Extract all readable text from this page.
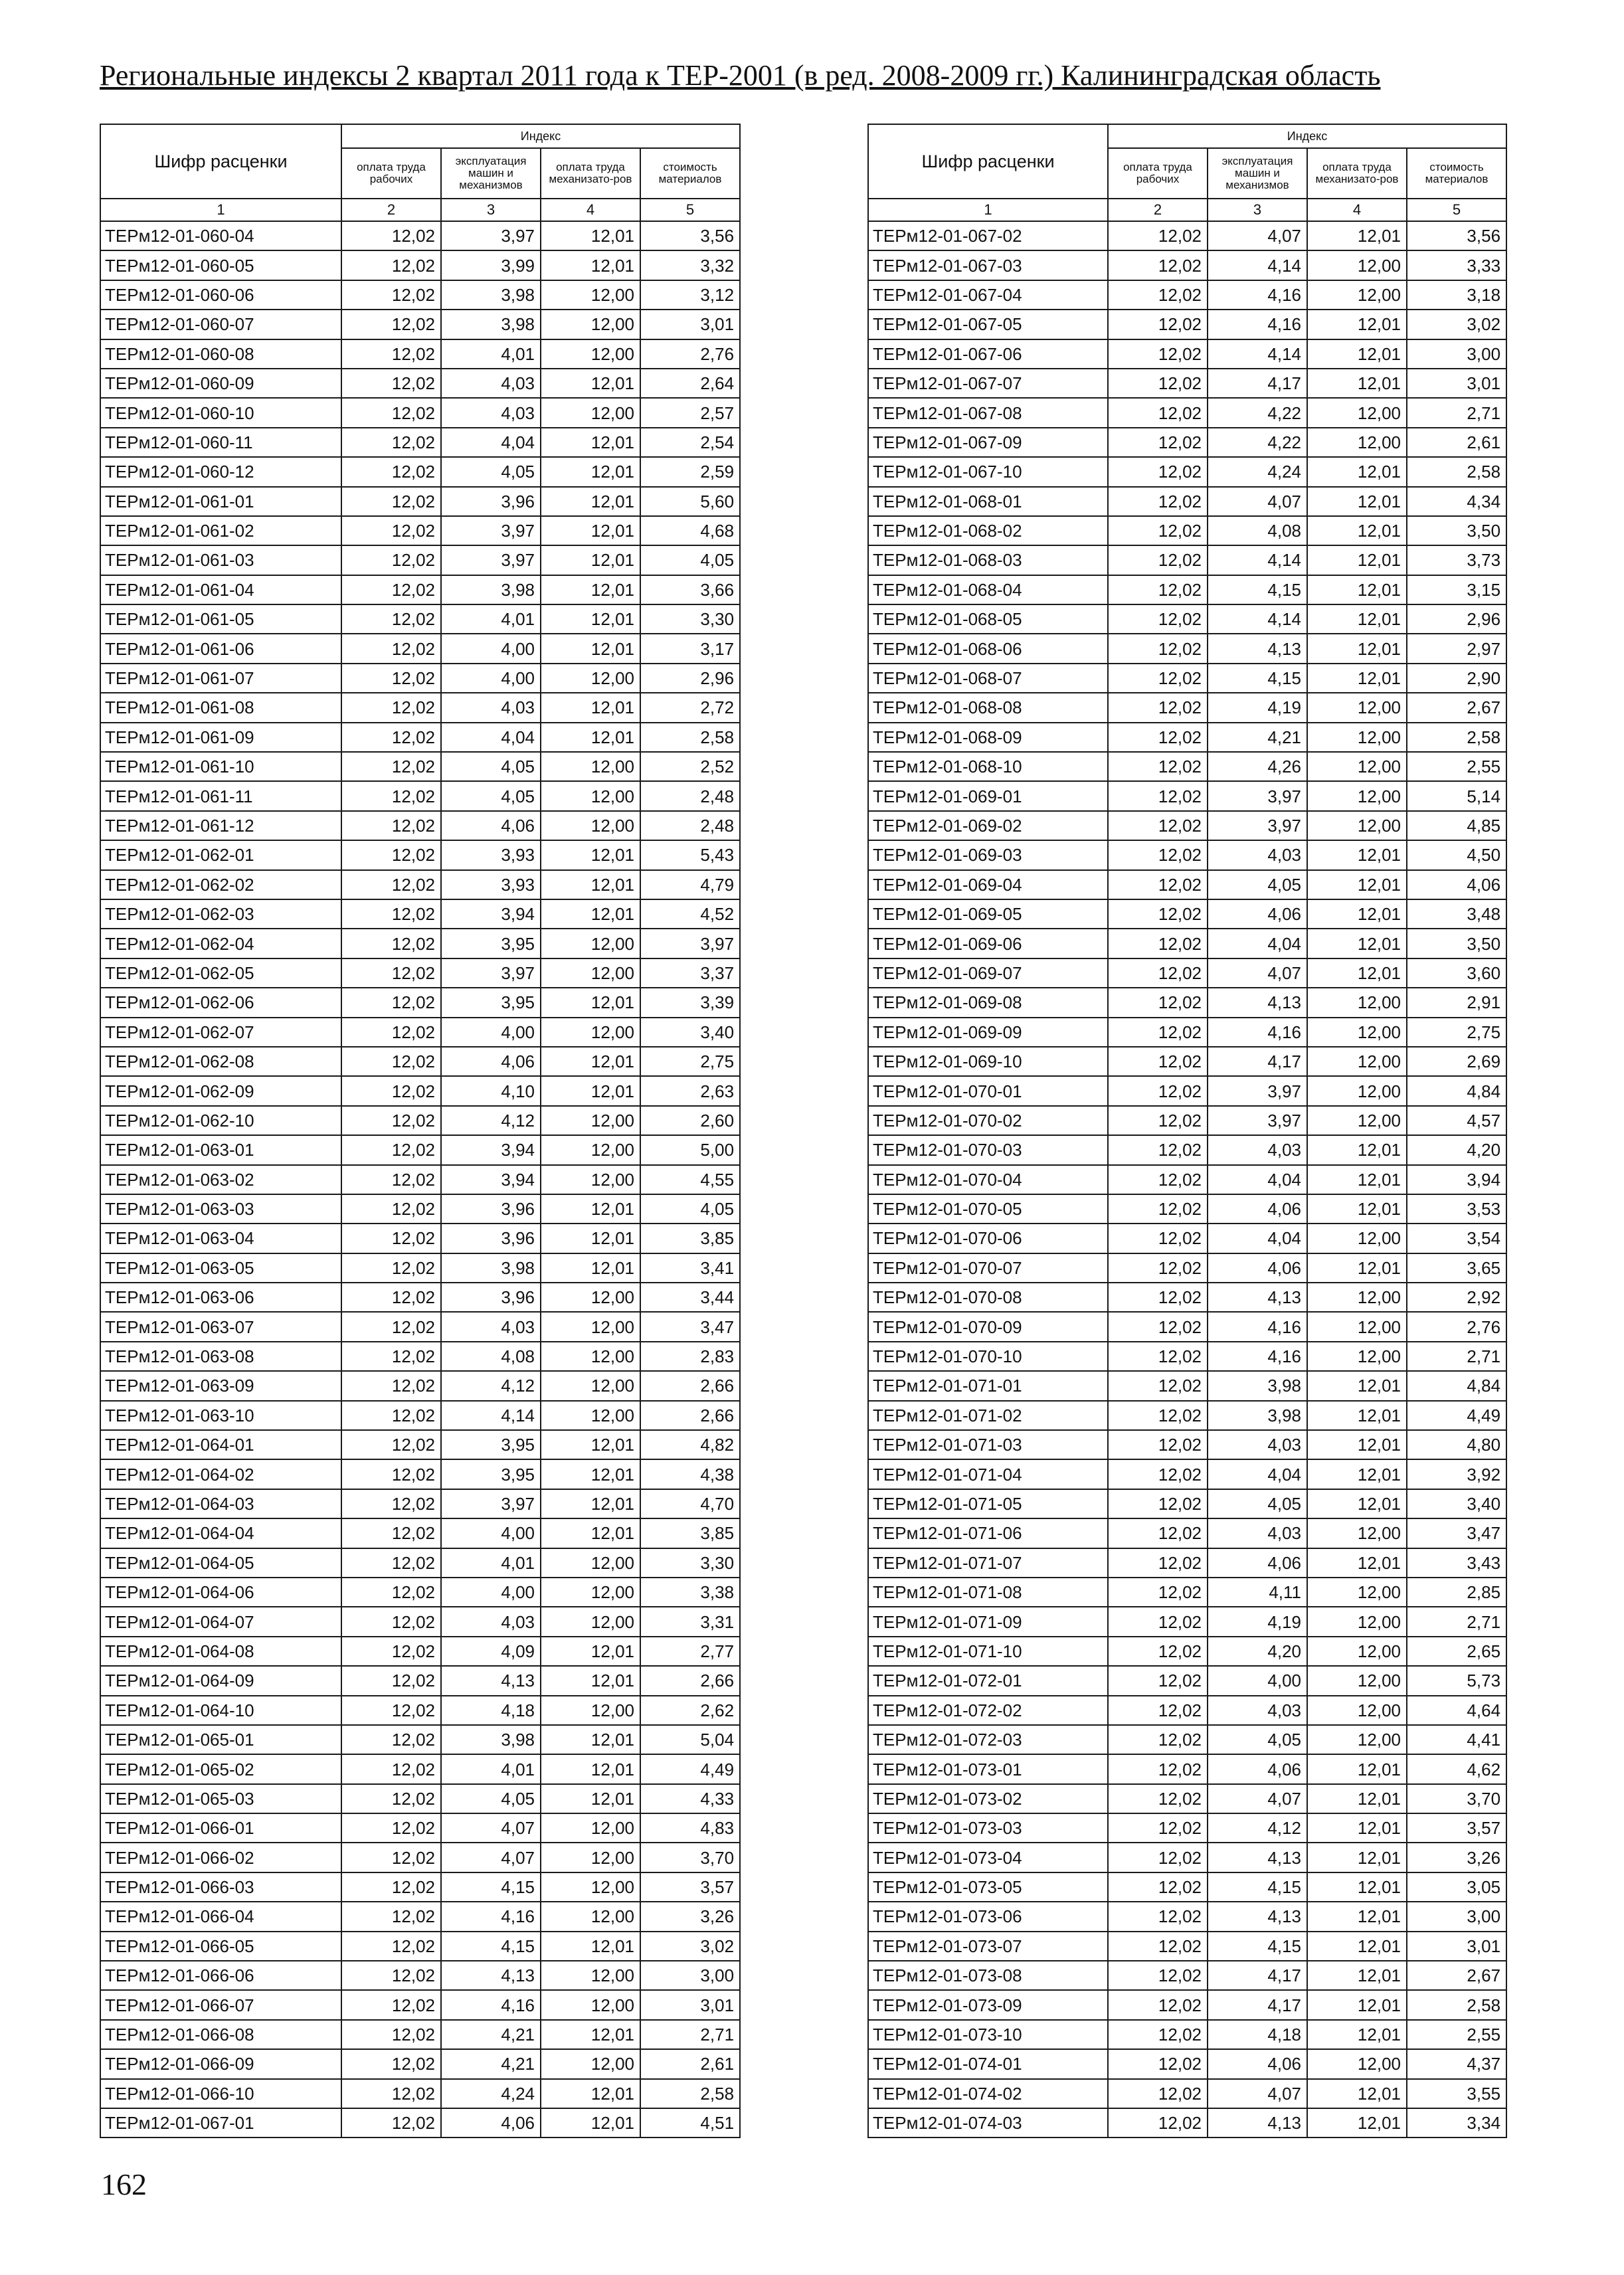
Региональные индексы 2 квартал 2011 года к ТЕР-2001 (в ред. 2008-2009 гг.) Калининградская область
Шифр расценки	Индекс			
	оплата труда рабочих	эксплуатация машин и механизмов	оплата труда механизато-ров	стоимость материалов
1	2	3	4	5
ТЕРм12-01-060-04	12,02	3,97	12,01	3,56
ТЕРм12-01-060-05	12,02	3,99	12,01	3,32
ТЕРм12-01-060-06	12,02	3,98	12,00	3,12
ТЕРм12-01-060-07	12,02	3,98	12,00	3,01
ТЕРм12-01-060-08	12,02	4,01	12,00	2,76
ТЕРм12-01-060-09	12,02	4,03	12,01	2,64
ТЕРм12-01-060-10	12,02	4,03	12,00	2,57
ТЕРм12-01-060-11	12,02	4,04	12,01	2,54
ТЕРм12-01-060-12	12,02	4,05	12,01	2,59
ТЕРм12-01-061-01	12,02	3,96	12,01	5,60
ТЕРм12-01-061-02	12,02	3,97	12,01	4,68
ТЕРм12-01-061-03	12,02	3,97	12,01	4,05
ТЕРм12-01-061-04	12,02	3,98	12,01	3,66
ТЕРм12-01-061-05	12,02	4,01	12,01	3,30
ТЕРм12-01-061-06	12,02	4,00	12,01	3,17
ТЕРм12-01-061-07	12,02	4,00	12,00	2,96
ТЕРм12-01-061-08	12,02	4,03	12,01	2,72
ТЕРм12-01-061-09	12,02	4,04	12,01	2,58
ТЕРм12-01-061-10	12,02	4,05	12,00	2,52
ТЕРм12-01-061-11	12,02	4,05	12,00	2,48
ТЕРм12-01-061-12	12,02	4,06	12,00	2,48
ТЕРм12-01-062-01	12,02	3,93	12,01	5,43
ТЕРм12-01-062-02	12,02	3,93	12,01	4,79
ТЕРм12-01-062-03	12,02	3,94	12,01	4,52
ТЕРм12-01-062-04	12,02	3,95	12,00	3,97
ТЕРм12-01-062-05	12,02	3,97	12,00	3,37
ТЕРм12-01-062-06	12,02	3,95	12,01	3,39
ТЕРм12-01-062-07	12,02	4,00	12,00	3,40
ТЕРм12-01-062-08	12,02	4,06	12,01	2,75
ТЕРм12-01-062-09	12,02	4,10	12,01	2,63
ТЕРм12-01-062-10	12,02	4,12	12,00	2,60
ТЕРм12-01-063-01	12,02	3,94	12,00	5,00
ТЕРм12-01-063-02	12,02	3,94	12,00	4,55
ТЕРм12-01-063-03	12,02	3,96	12,01	4,05
ТЕРм12-01-063-04	12,02	3,96	12,01	3,85
ТЕРм12-01-063-05	12,02	3,98	12,01	3,41
ТЕРм12-01-063-06	12,02	3,96	12,00	3,44
ТЕРм12-01-063-07	12,02	4,03	12,00	3,47
ТЕРм12-01-063-08	12,02	4,08	12,00	2,83
ТЕРм12-01-063-09	12,02	4,12	12,00	2,66
ТЕРм12-01-063-10	12,02	4,14	12,00	2,66
ТЕРм12-01-064-01	12,02	3,95	12,01	4,82
ТЕРм12-01-064-02	12,02	3,95	12,01	4,38
ТЕРм12-01-064-03	12,02	3,97	12,01	4,70
ТЕРм12-01-064-04	12,02	4,00	12,01	3,85
ТЕРм12-01-064-05	12,02	4,01	12,00	3,30
ТЕРм12-01-064-06	12,02	4,00	12,00	3,38
ТЕРм12-01-064-07	12,02	4,03	12,00	3,31
ТЕРм12-01-064-08	12,02	4,09	12,01	2,77
ТЕРм12-01-064-09	12,02	4,13	12,01	2,66
ТЕРм12-01-064-10	12,02	4,18	12,00	2,62
ТЕРм12-01-065-01	12,02	3,98	12,01	5,04
ТЕРм12-01-065-02	12,02	4,01	12,01	4,49
ТЕРм12-01-065-03	12,02	4,05	12,01	4,33
ТЕРм12-01-066-01	12,02	4,07	12,00	4,83
ТЕРм12-01-066-02	12,02	4,07	12,00	3,70
ТЕРм12-01-066-03	12,02	4,15	12,00	3,57
ТЕРм12-01-066-04	12,02	4,16	12,00	3,26
ТЕРм12-01-066-05	12,02	4,15	12,01	3,02
ТЕРм12-01-066-06	12,02	4,13	12,00	3,00
ТЕРм12-01-066-07	12,02	4,16	12,00	3,01
ТЕРм12-01-066-08	12,02	4,21	12,01	2,71
ТЕРм12-01-066-09	12,02	4,21	12,00	2,61
ТЕРм12-01-066-10	12,02	4,24	12,01	2,58
ТЕРм12-01-067-01	12,02	4,06	12,01	4,51
Шифр расценки	Индекс			
	оплата труда рабочих	эксплуатация машин и механизмов	оплата труда механизато-ров	стоимость материалов
1	2	3	4	5
ТЕРм12-01-067-02	12,02	4,07	12,01	3,56
ТЕРм12-01-067-03	12,02	4,14	12,00	3,33
ТЕРм12-01-067-04	12,02	4,16	12,00	3,18
ТЕРм12-01-067-05	12,02	4,16	12,01	3,02
ТЕРм12-01-067-06	12,02	4,14	12,01	3,00
ТЕРм12-01-067-07	12,02	4,17	12,01	3,01
ТЕРм12-01-067-08	12,02	4,22	12,00	2,71
ТЕРм12-01-067-09	12,02	4,22	12,00	2,61
ТЕРм12-01-067-10	12,02	4,24	12,01	2,58
ТЕРм12-01-068-01	12,02	4,07	12,01	4,34
ТЕРм12-01-068-02	12,02	4,08	12,01	3,50
ТЕРм12-01-068-03	12,02	4,14	12,01	3,73
ТЕРм12-01-068-04	12,02	4,15	12,01	3,15
ТЕРм12-01-068-05	12,02	4,14	12,01	2,96
ТЕРм12-01-068-06	12,02	4,13	12,01	2,97
ТЕРм12-01-068-07	12,02	4,15	12,01	2,90
ТЕРм12-01-068-08	12,02	4,19	12,00	2,67
ТЕРм12-01-068-09	12,02	4,21	12,00	2,58
ТЕРм12-01-068-10	12,02	4,26	12,00	2,55
ТЕРм12-01-069-01	12,02	3,97	12,00	5,14
ТЕРм12-01-069-02	12,02	3,97	12,00	4,85
ТЕРм12-01-069-03	12,02	4,03	12,01	4,50
ТЕРм12-01-069-04	12,02	4,05	12,01	4,06
ТЕРм12-01-069-05	12,02	4,06	12,01	3,48
ТЕРм12-01-069-06	12,02	4,04	12,01	3,50
ТЕРм12-01-069-07	12,02	4,07	12,01	3,60
ТЕРм12-01-069-08	12,02	4,13	12,00	2,91
ТЕРм12-01-069-09	12,02	4,16	12,00	2,75
ТЕРм12-01-069-10	12,02	4,17	12,00	2,69
ТЕРм12-01-070-01	12,02	3,97	12,00	4,84
ТЕРм12-01-070-02	12,02	3,97	12,00	4,57
ТЕРм12-01-070-03	12,02	4,03	12,01	4,20
ТЕРм12-01-070-04	12,02	4,04	12,01	3,94
ТЕРм12-01-070-05	12,02	4,06	12,01	3,53
ТЕРм12-01-070-06	12,02	4,04	12,00	3,54
ТЕРм12-01-070-07	12,02	4,06	12,01	3,65
ТЕРм12-01-070-08	12,02	4,13	12,00	2,92
ТЕРм12-01-070-09	12,02	4,16	12,00	2,76
ТЕРм12-01-070-10	12,02	4,16	12,00	2,71
ТЕРм12-01-071-01	12,02	3,98	12,01	4,84
ТЕРм12-01-071-02	12,02	3,98	12,01	4,49
ТЕРм12-01-071-03	12,02	4,03	12,01	4,80
ТЕРм12-01-071-04	12,02	4,04	12,01	3,92
ТЕРм12-01-071-05	12,02	4,05	12,01	3,40
ТЕРм12-01-071-06	12,02	4,03	12,00	3,47
ТЕРм12-01-071-07	12,02	4,06	12,01	3,43
ТЕРм12-01-071-08	12,02	4,11	12,00	2,85
ТЕРм12-01-071-09	12,02	4,19	12,00	2,71
ТЕРм12-01-071-10	12,02	4,20	12,00	2,65
ТЕРм12-01-072-01	12,02	4,00	12,00	5,73
ТЕРм12-01-072-02	12,02	4,03	12,00	4,64
ТЕРм12-01-072-03	12,02	4,05	12,00	4,41
ТЕРм12-01-073-01	12,02	4,06	12,01	4,62
ТЕРм12-01-073-02	12,02	4,07	12,01	3,70
ТЕРм12-01-073-03	12,02	4,12	12,01	3,57
ТЕРм12-01-073-04	12,02	4,13	12,01	3,26
ТЕРм12-01-073-05	12,02	4,15	12,01	3,05
ТЕРм12-01-073-06	12,02	4,13	12,01	3,00
ТЕРм12-01-073-07	12,02	4,15	12,01	3,01
ТЕРм12-01-073-08	12,02	4,17	12,01	2,67
ТЕРм12-01-073-09	12,02	4,17	12,01	2,58
ТЕРм12-01-073-10	12,02	4,18	12,01	2,55
ТЕРм12-01-074-01	12,02	4,06	12,00	4,37
ТЕРм12-01-074-02	12,02	4,07	12,01	3,55
ТЕРм12-01-074-03	12,02	4,13	12,01	3,34
162
